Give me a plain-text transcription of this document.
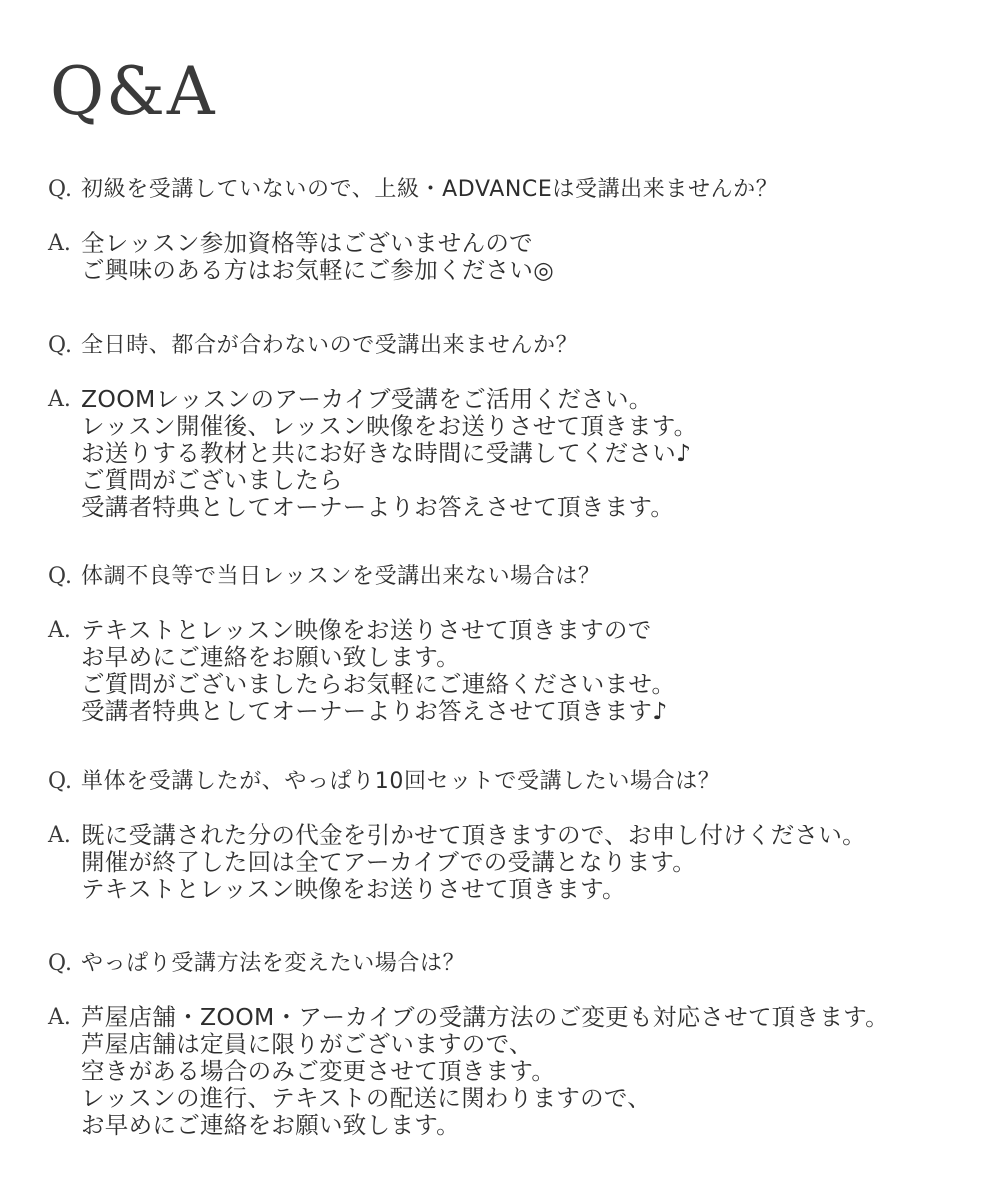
Q&A
Q. 初級を受講していないので、上級・ADVANCEは受講出来ませんか？
A. 全レッスン参加資格等はございませんので
ご興味のある方はお気軽にご参加ください◎
Q. 全日時、都合が合わないので受講出来ませんか？
A. ZOOMレッスンのアーカイブ受講をご活用ください。
レッスン開催後、レッスン映像をお送りさせて頂きます。
お送りする教材と共にお好きな時間に受講してください♪
ご質問がございましたら
受講者特典としてオーナーよりお答えさせて頂きます。
Q. 体調不良等で当日レッスンを受講出来ない場合は？
A. テキストとレッスン映像をお送りさせて頂きますので
お早めにご連絡をお願い致します。
ご質問がございましたらお気軽にご連絡くださいませ。
受講者特典としてオーナーよりお答えさせて頂きます♪
Q. 単体を受講したが、やっぱり10回セットで受講したい場合は？
A. 既に受講された分の代金を引かせて頂きますので、お申し付けください。
開催が終了した回は全てアーカイブでの受講となります。
テキストとレッスン映像をお送りさせて頂きます。
Q. やっぱり受講方法を変えたい場合は？
A. 芦屋店舗・ZOOM・アーカイブの受講方法のご変更も対応させて頂きます。
芦屋店舗は定員に限りがございますので、
空きがある場合のみご変更させて頂きます。
レッスンの進行、テキストの配送に関わりますので、
お早めにご連絡をお願い致します。
